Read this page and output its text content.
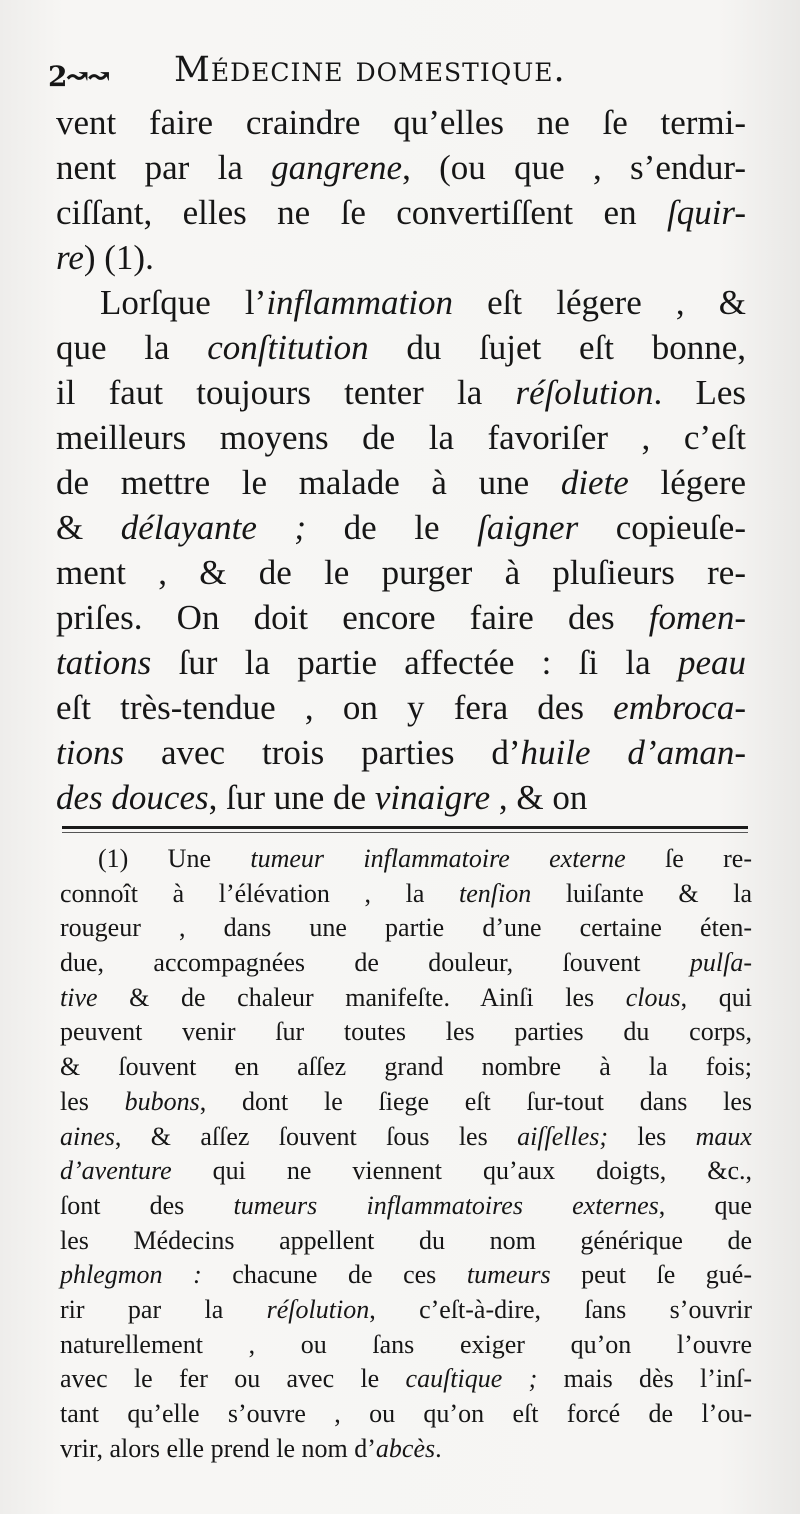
2↝↝ Médecine domestique.
vent faire craindre qu’elles ne ſe termi-
nent par la gangrene, (ou que , s’endur-
ciſſant, elles ne ſe convertiſſent en ſquir-
re) (1).
Lorſque l’inflammation eſt légere , &
que la conſtitution du ſujet eſt bonne,
il faut toujours tenter la réſolution. Les
meilleurs moyens de la favoriſer , c’eſt
de mettre le malade à une diete légere
& délayante ; de le ſaigner copieuſe-
ment , & de le purger à pluſieurs re-
priſes. On doit encore faire des fomen-
tations ſur la partie affectée : ſi la peau
eſt très-tendue , on y fera des embroca-
tions avec trois parties d’huile d’aman-
des douces, ſur une de vinaigre , & on
(1) Une tumeur inflammatoire externe ſe re-
connoît à l’élévation , la tenſion luiſante & la
rougeur , dans une partie d’une certaine éten-
due, accompagnées de douleur, ſouvent pulſa-
tive & de chaleur manifeſte. Ainſi les clous, qui
peuvent venir ſur toutes les parties du corps,
& ſouvent en aſſez grand nombre à la fois;
les bubons, dont le ſiege eſt ſur-tout dans les
aines, & aſſez ſouvent ſous les aiſſelles; les maux
d’aventure qui ne viennent qu’aux doigts, &c.,
ſont des tumeurs inflammatoires externes, que
les Médecins appellent du nom générique de
phlegmon : chacune de ces tumeurs peut ſe gué-
rir par la réſolution, c’eſt-à-dire, ſans s’ouvrir
naturellement , ou ſans exiger qu’on l’ouvre
avec le fer ou avec le cauſtique ; mais dès l’inſ-
tant qu’elle s’ouvre , ou qu’on eſt forcé de l’ou-
vrir, alors elle prend le nom d’abcès.
